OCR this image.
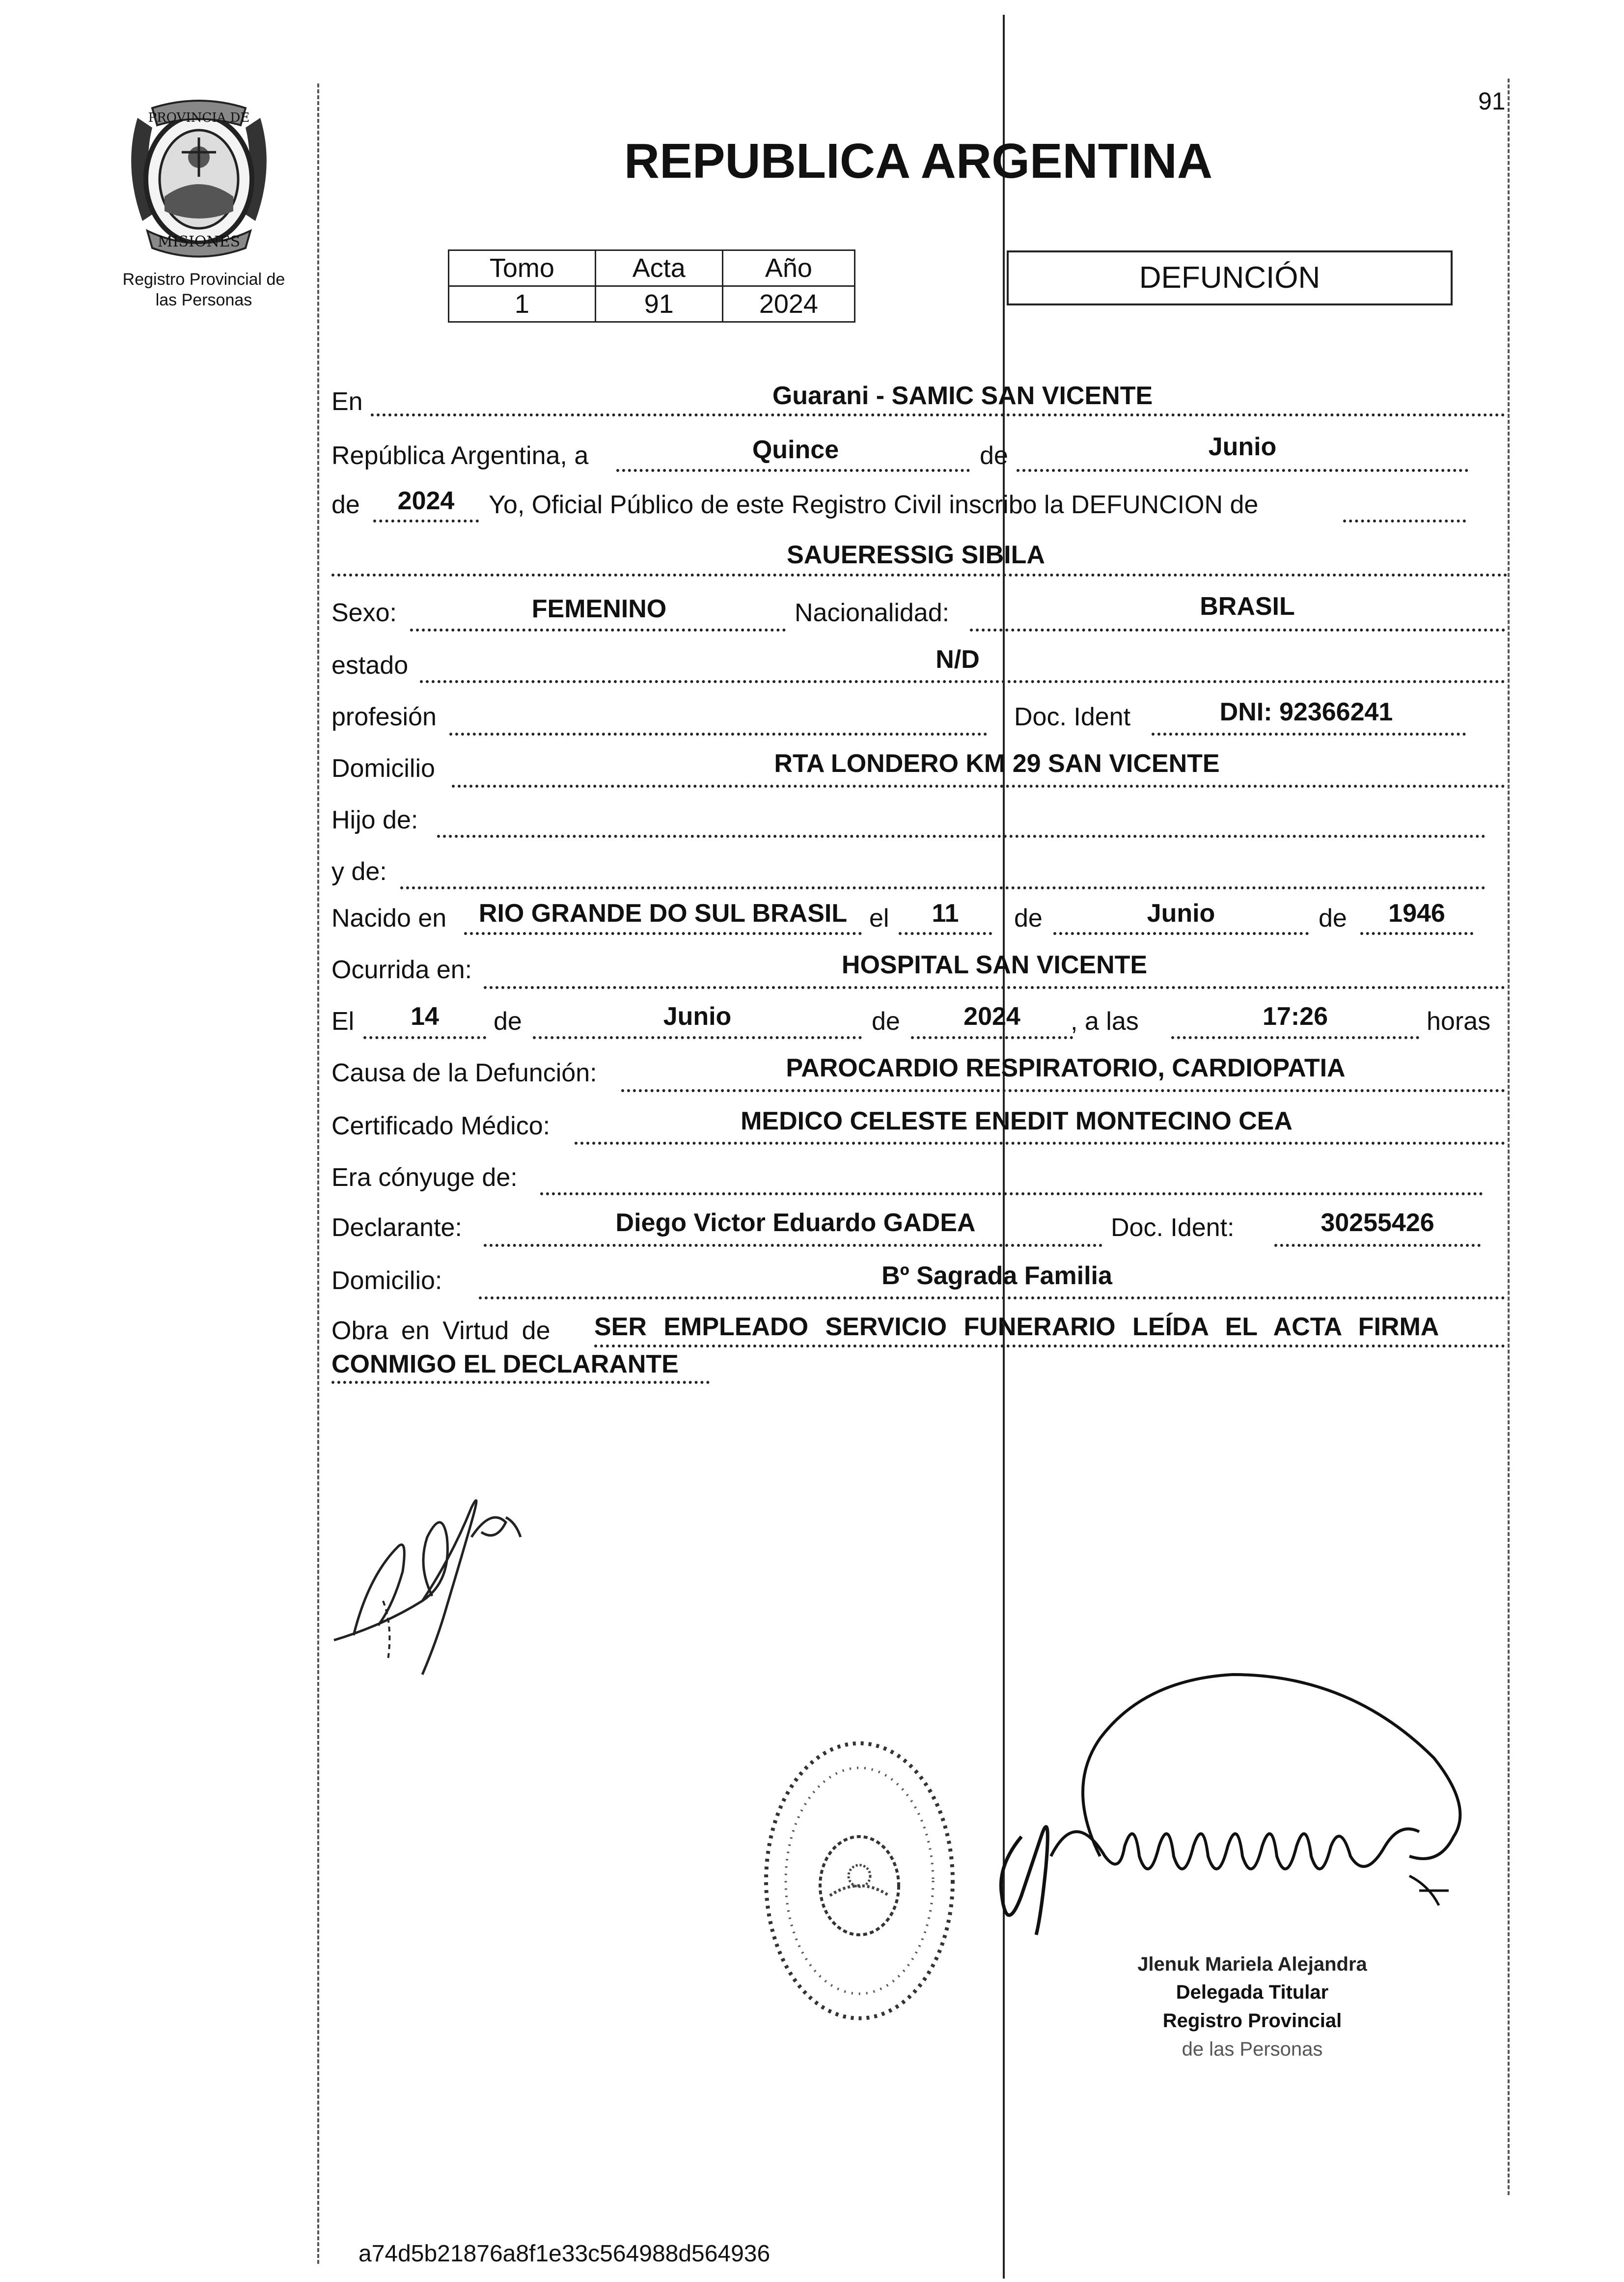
91
PROVINCIA DE
MISIONES
Registro Provincial de
las Personas
REPUBLICA ARGENTINA
Tomo	Acta	Año
1	91	2024
DEFUNCIÓN
En	Guarani - SAMIC SAN VICENTE
República Argentina, a	Quince	de	Junio
de	2024	Yo, Oficial Público de este Registro Civil inscribo la DEFUNCION de
SAUERESSIG SIBILA
Sexo:	FEMENINO	Nacionalidad:	BRASIL
estado	N/D
profesión	Doc. Ident	DNI: 92366241
Domicilio	RTA LONDERO KM 29 SAN VICENTE
Hijo de:
y de:
Nacido en	RIO GRANDE DO SUL BRASIL el	11	de	Junio	de	1946
Ocurrida en:	HOSPITAL SAN VICENTE
El	14	de	Junio	de	2024	, a las	17:26	horas
Causa de la Defunción:	PAROCARDIO RESPIRATORIO, CARDIOPATIA
Certificado Médico:	MEDICO CELESTE ENEDIT MONTECINO CEA
Era cónyuge de:
Declarante:	Diego Victor Eduardo GADEA	Doc. Ident:	30255426
Domicilio:	Bº Sagrada Familia
Obra en Virtud de SER EMPLEADO SERVICIO FUNERARIO LEÍDA EL ACTA FIRMA
CONMIGO EL DECLARANTE
Jlenuk Mariela Alejandra
Delegada Titular
Registro Provincial
de las Personas
a74d5b21876a8f1e33c564988d564936
